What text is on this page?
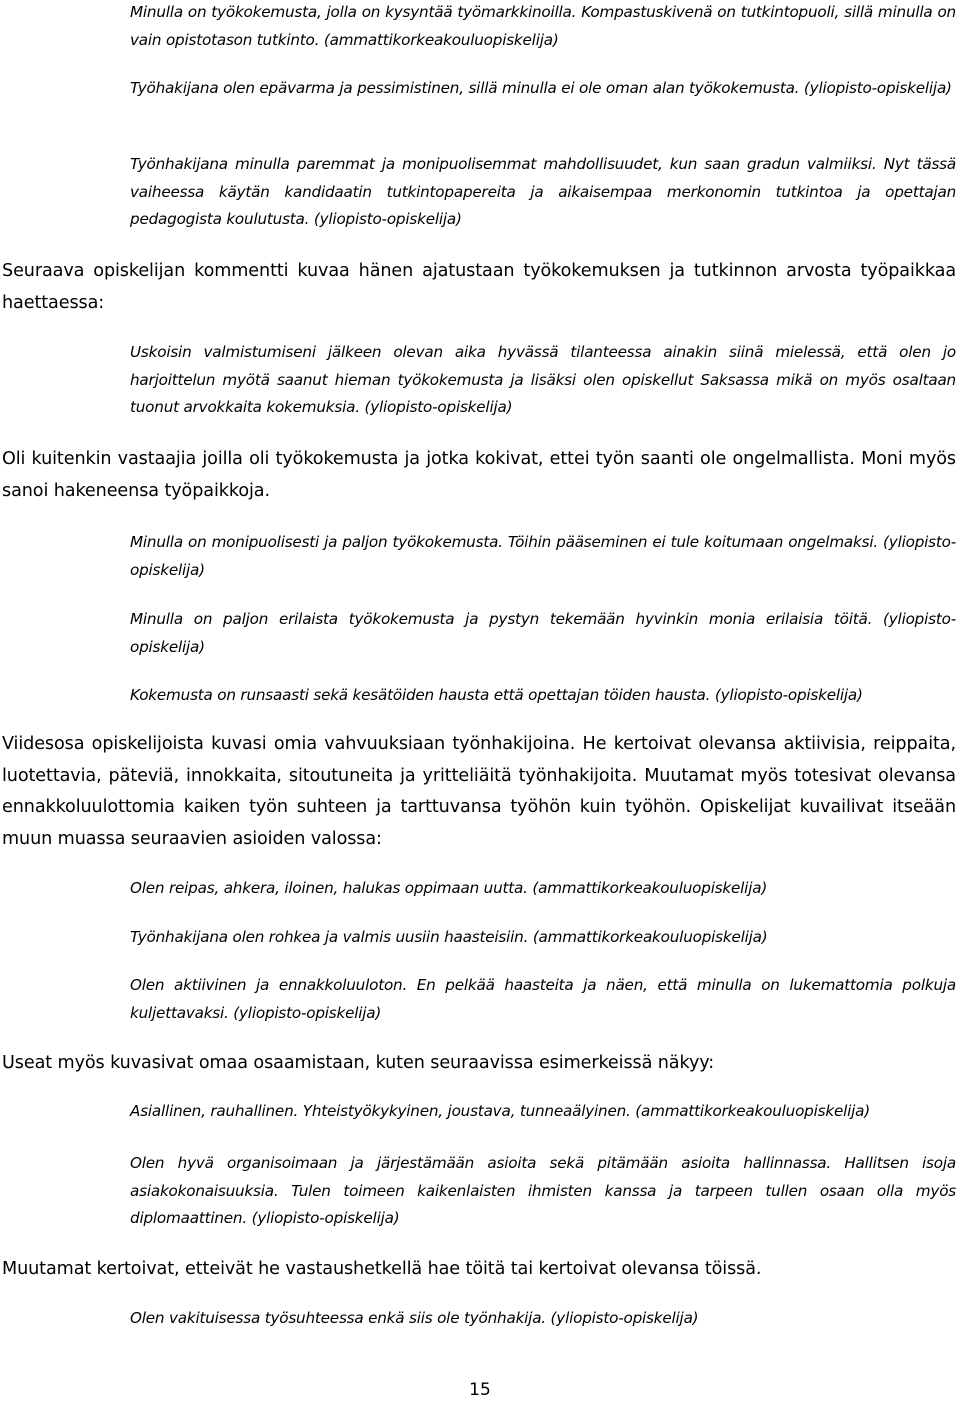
Minulla on työkokemusta, jolla on kysyntää työmarkkinoilla. Kompastuskivenä on tutkintopuoli, sillä minulla on vain opistotason tutkinto. (ammattikorkeakouluopiskelija)

Työhakijana olen epävarma ja pessimistinen, sillä minulla ei ole oman alan työkokemusta. (yliopisto-opiskelija)

Työnhakijana minulla paremmat ja monipuolisemmat mahdollisuudet, kun saan gradun valmiiksi. Nyt tässä vaiheessa käytän kandidaatin tutkintopapereita ja aikaisempaa merkonomin tutkintoa ja opettajan pedagogista koulutusta. (yliopisto-opiskelija)

Seuraava opiskelijan kommentti kuvaa hänen ajatustaan työkokemuksen ja tutkinnon arvosta työpaikkaa haettaessa:

Uskoisin valmistumiseni jälkeen olevan aika hyvässä tilanteessa ainakin siinä mielessä, että olen jo harjoittelun myötä saanut hieman työkokemusta ja lisäksi olen opiskellut Saksassa mikä on myös osaltaan tuonut arvokkaita kokemuksia. (yliopisto-opiskelija)

Oli kuitenkin vastaajia joilla oli työkokemusta ja jotka kokivat, ettei työn saanti ole ongelmallista. Moni myös sanoi hakeneensa työpaikkoja.

Minulla on monipuolisesti ja paljon työkokemusta. Töihin pääseminen ei tule koitumaan ongelmaksi. (yliopisto-opiskelija)

Minulla on paljon erilaista työkokemusta ja pystyn tekemään hyvinkin monia erilaisia töitä. (yliopisto-opiskelija)

Kokemusta on runsaasti sekä kesätöiden hausta että opettajan töiden hausta. (yliopisto-opiskelija)

Viidesosa opiskelijoista kuvasi omia vahvuuksiaan työnhakijoina. He kertoivat olevansa aktiivisia, reippaita, luotettavia, päteviä, innokkaita, sitoutuneita ja yritteliäitä työnhakijoita. Muutamat myös totesivat olevansa ennakkoluulottomia kaiken työn suhteen ja tarttuvansa työhön kuin työhön. Opiskelijat kuvailivat itseään muun muassa seuraavien asioiden valossa:

Olen reipas, ahkera, iloinen, halukas oppimaan uutta. (ammattikorkeakouluopiskelija)

Työnhakijana olen rohkea ja valmis uusiin haasteisiin. (ammattikorkeakouluopiskelija)

Olen aktiivinen ja ennakkoluuloton. En pelkää haasteita ja näen, että minulla on lukemattomia polkuja kuljettavaksi. (yliopisto-opiskelija)

Useat myös kuvasivat omaa osaamistaan, kuten seuraavissa esimerkeissä näkyy:

Asiallinen, rauhallinen. Yhteistyökykyinen, joustava, tunneaälyinen. (ammattikorkeakouluopiskelija)

Olen hyvä organisoimaan ja järjestämään asioita sekä pitämään asioita hallinnassa. Hallitsen isoja asiakokonaisuuksia. Tulen toimeen kaikenlaisten ihmisten kanssa ja tarpeen tullen osaan olla myös diplomaattinen. (yliopisto-opiskelija)

Muutamat kertoivat, etteivät he vastaushetkellä hae töitä tai kertoivat olevansa töissä.

Olen vakituisessa työsuhteessa enkä siis ole työnhakija. (yliopisto-opiskelija)

15
